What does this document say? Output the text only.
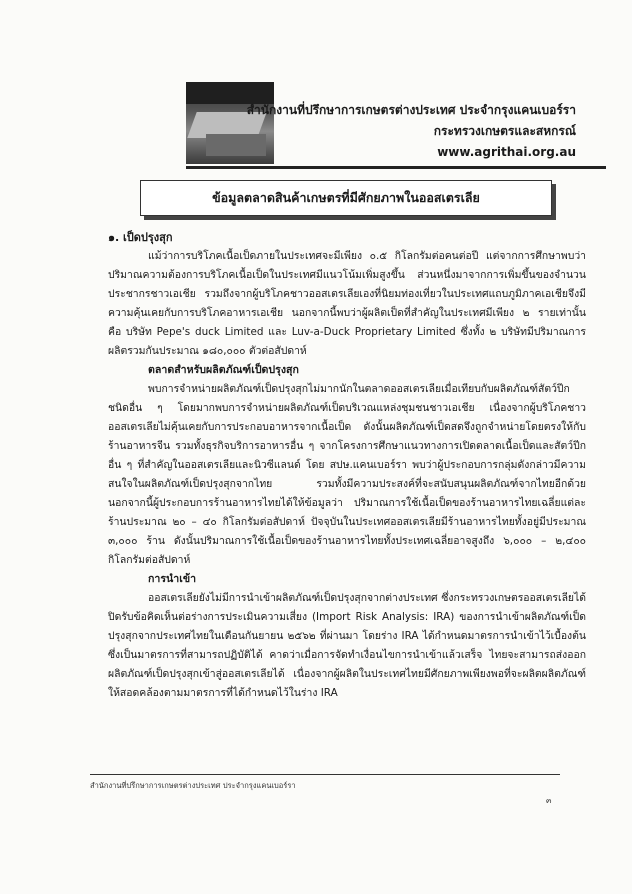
สำนักงานที่ปรึกษาการเกษตรต่างประเทศ ประจำกรุงแคนเบอร์รา
กระทรวงเกษตรและสหกรณ์
www.agrithai.org.au
ข้อมูลตลาดสินค้าเกษตรที่มีศักยภาพในออสเตรเลีย
๑. เป็ดปรุงสุก
แม้ว่าการบริโภคเนื้อเป็ดภายในประเทศจะมีเพียง ๐.๕ กิโลกรัมต่อคนต่อปี แต่จากการศึกษาพบว่าปริมาณความต้องการบริโภคเนื้อเป็ดในประเทศมีแนวโน้มเพิ่มสูงขึ้น ส่วนหนึ่งมาจากการเพิ่มขึ้นของจำนวนประชากรชาวเอเชีย รวมถึงจากผู้บริโภคชาวออสเตรเลียเองที่นิยมท่องเที่ยวในประเทศแถบภูมิภาคเอเชียจึงมีความคุ้นเคยกับการบริโภคอาหารเอเชีย นอกจากนี้พบว่าผู้ผลิตเป็ดที่สำคัญในประเทศมีเพียง ๒ รายเท่านั้น คือ บริษัท Pepe's duck Limited และ Luv-a-Duck Proprietary Limited ซึ่งทั้ง ๒ บริษัทมีปริมาณการผลิตรวมกันประมาณ ๑๘๐,๐๐๐ ตัวต่อสัปดาห์
ตลาดสำหรับผลิตภัณฑ์เป็ดปรุงสุก
พบการจำหน่ายผลิตภัณฑ์เป็ดปรุงสุกไม่มากนักในตลาดออสเตรเลียเมื่อเทียบกับผลิตภัณฑ์สัตว์ปีกชนิดอื่น ๆ โดยมากพบการจำหน่ายผลิตภัณฑ์เป็ดบริเวณแหล่งชุมชนชาวเอเชีย เนื่องจากผู้บริโภคชาวออสเตรเลียไม่คุ้นเคยกับการประกอบอาหารจากเนื้อเป็ด ดังนั้นผลิตภัณฑ์เป็ดสดจึงถูกจำหน่ายโดยตรงให้กับร้านอาหารจีน รวมทั้งธุรกิจบริการอาหารอื่น ๆ จากโครงการศึกษาแนวทางการเปิดตลาดเนื้อเป็ดและสัตว์ปีกอื่น ๆ ที่สำคัญในออสเตรเลียและนิวซีแลนด์ โดย สปษ.แคนเบอร์รา พบว่าผู้ประกอบการกลุ่มดังกล่าวมีความสนใจในผลิตภัณฑ์เป็ดปรุงสุกจากไทย รวมทั้งมีความประสงค์ที่จะสนับสนุนผลิตภัณฑ์จากไทยอีกด้วย นอกจากนี้ผู้ประกอบการร้านอาหารไทยได้ให้ข้อมูลว่า ปริมาณการใช้เนื้อเป็ดของร้านอาหารไทยเฉลี่ยแต่ละร้านประมาณ ๒๐ – ๔๐ กิโลกรัมต่อสัปดาห์ ปัจจุบันในประเทศออสเตรเลียมีร้านอาหารไทยทั้งอยู่มีประมาณ ๓,๐๐๐ ร้าน ดังนั้นปริมาณการใช้เนื้อเป็ดของร้านอาหารไทยทั้งประเทศเฉลี่ยอาจสูงถึง ๖,๐๐๐ – ๒,๔๐๐ กิโลกรัมต่อสัปดาห์
การนำเข้า
ออสเตรเลียยังไม่มีการนำเข้าผลิตภัณฑ์เป็ดปรุงสุกจากต่างประเทศ ซึ่งกระทรวงเกษตรออสเตรเลียได้ปิดรับข้อคิดเห็นต่อร่างการประเมินความเสี่ยง (Import Risk Analysis: IRA) ของการนำเข้าผลิตภัณฑ์เป็ดปรุงสุกจากประเทศไทยในเดือนกันยายน ๒๕๖๒ ที่ผ่านมา โดยร่าง IRA ได้กำหนดมาตรการนำเข้าไว้เบื้องต้น ซึ่งเป็นมาตรการที่สามารถปฏิบัติได้ คาดว่าเมื่อการจัดทำเงื่อนไขการนำเข้าแล้วเสร็จ ไทยจะสามารถส่งออกผลิตภัณฑ์เป็ดปรุงสุกเข้าสู่ออสเตรเลียได้ เนื่องจากผู้ผลิตในประเทศไทยมีศักยภาพเพียงพอที่จะผลิตผลิตภัณฑ์ให้สอดคล้องตามมาตรการที่ได้กำหนดไว้ในร่าง IRA
สำนักงานที่ปรึกษาการเกษตรต่างประเทศ ประจำกรุงแคนเบอร์รา
๓
